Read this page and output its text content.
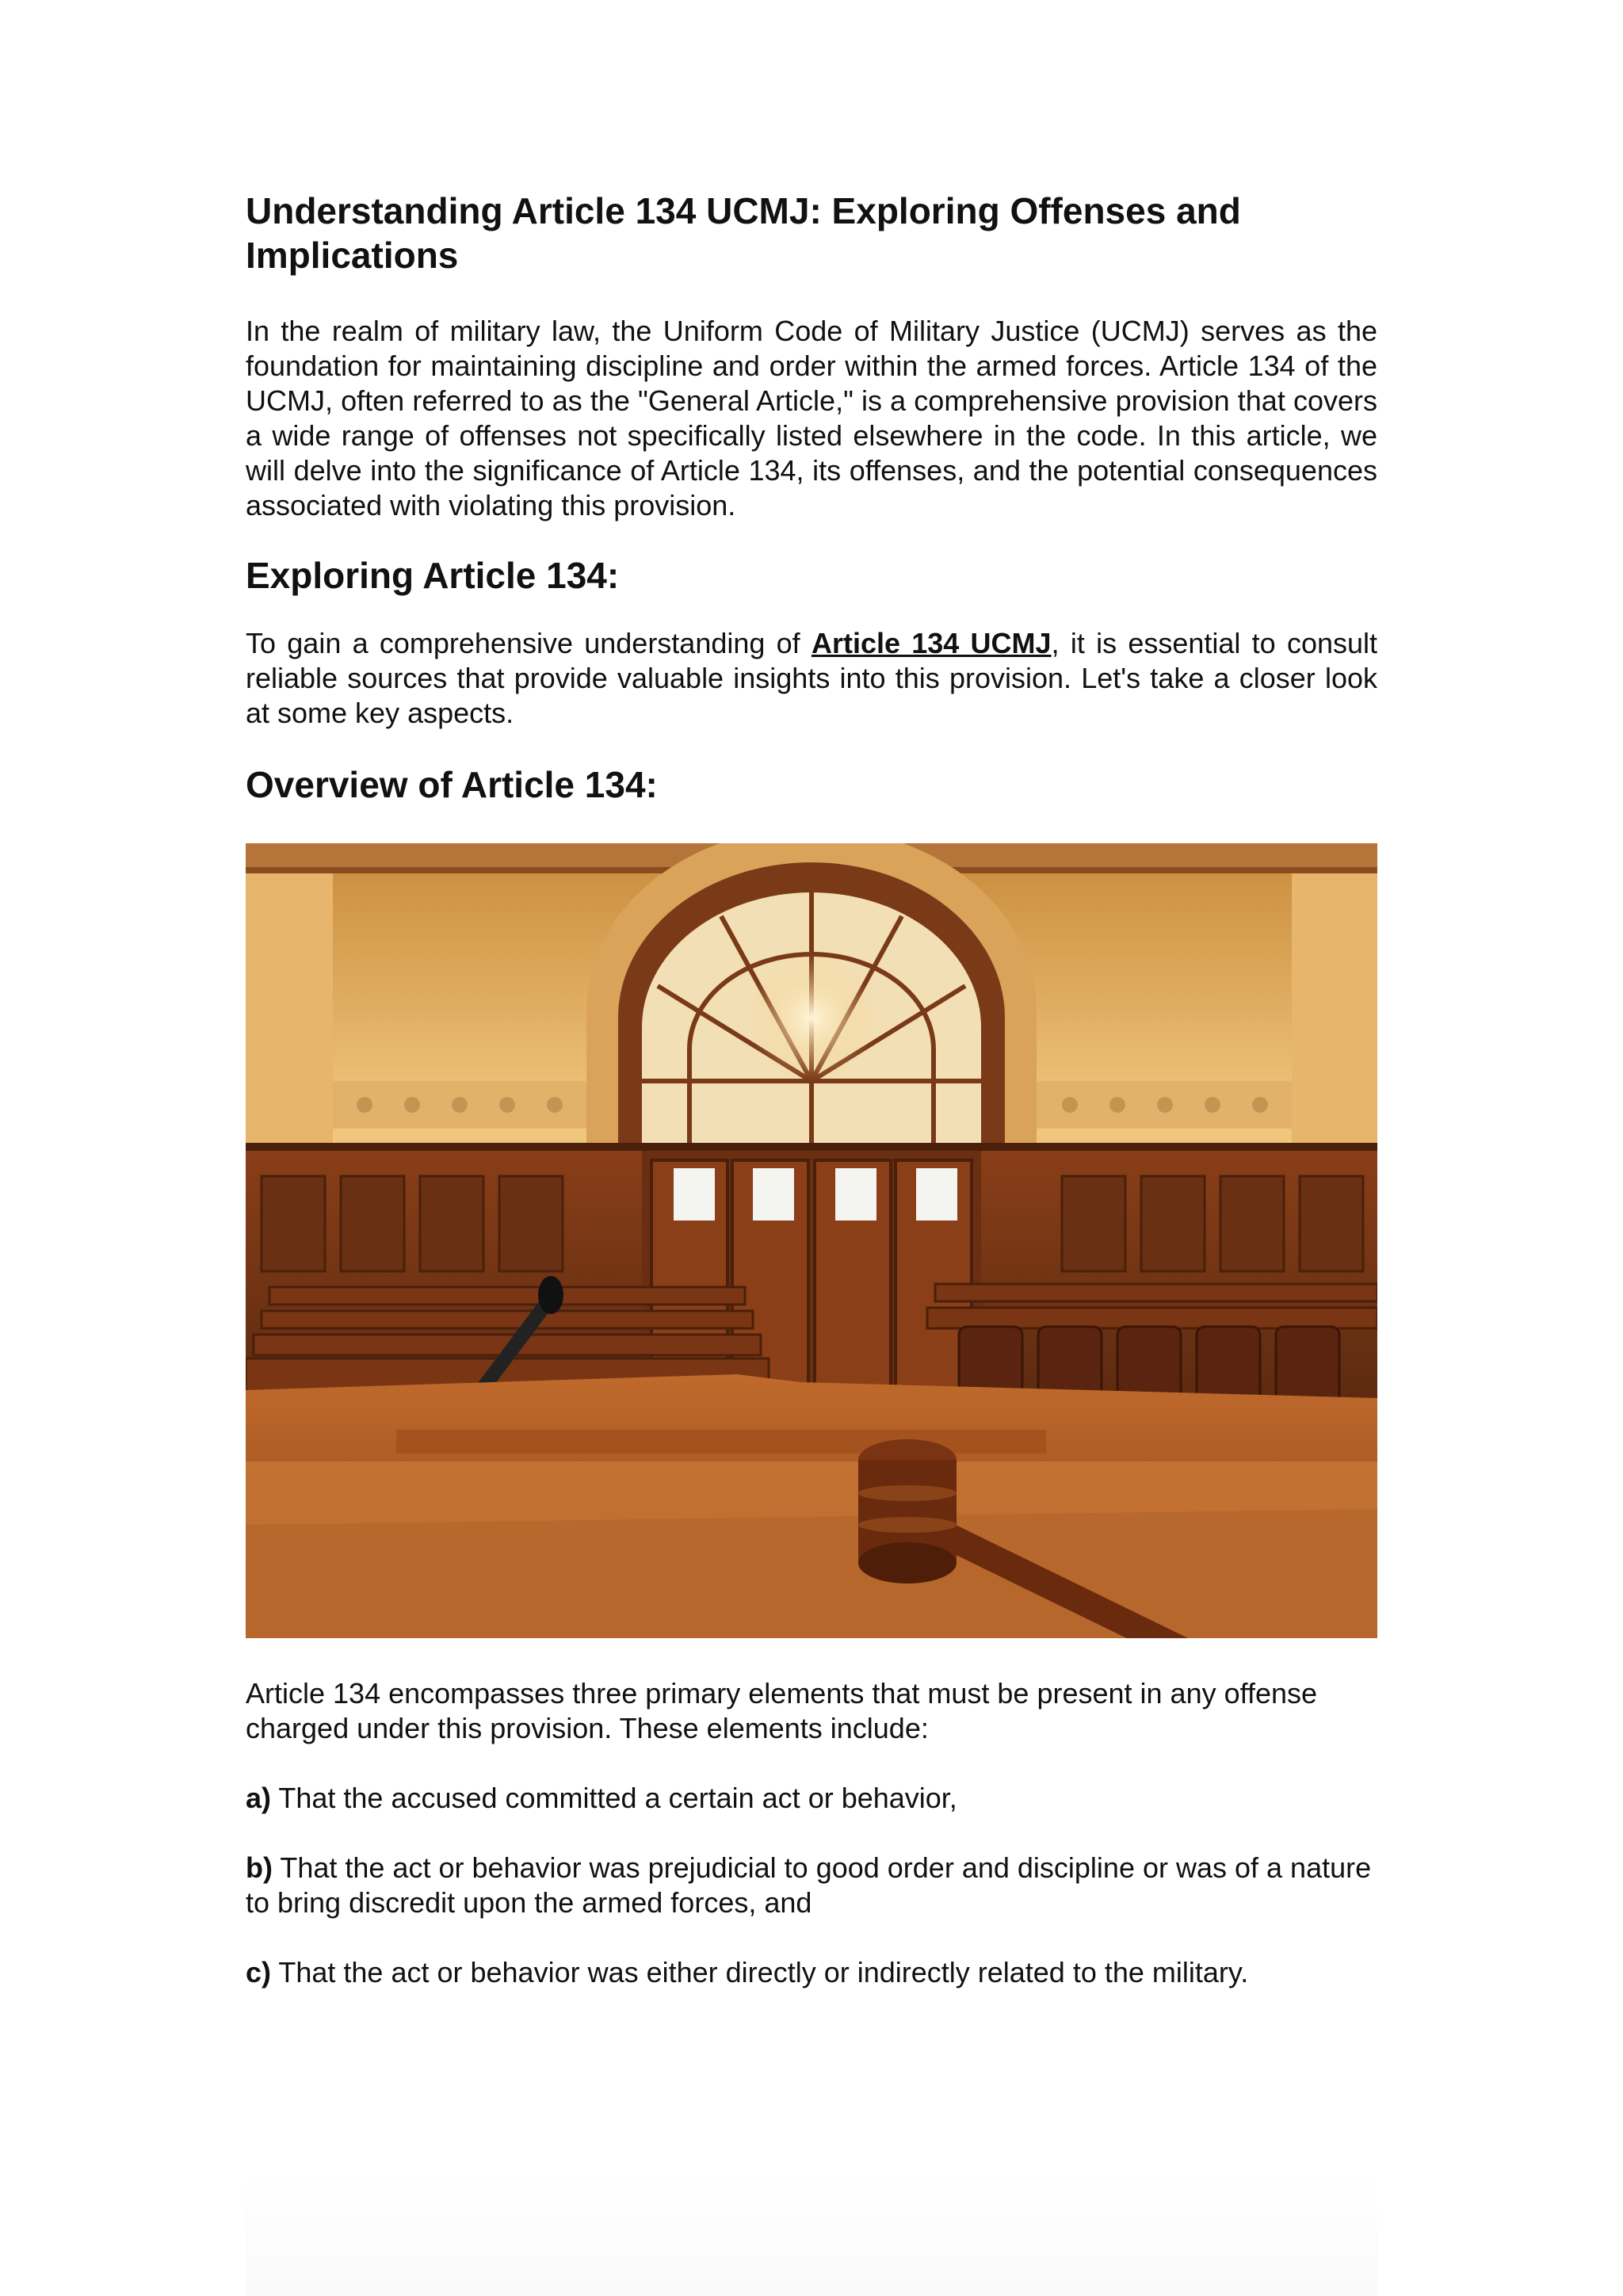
Understanding Article 134 UCMJ: Exploring Offenses and Implications

In the realm of military law, the Uniform Code of Military Justice (UCMJ) serves as the foundation for maintaining discipline and order within the armed forces. Article 134 of the UCMJ, often referred to as the "General Article," is a comprehensive provision that covers a wide range of offenses not specifically listed elsewhere in the code. In this article, we will delve into the significance of Article 134, its offenses, and the potential consequences associated with violating this provision.

Exploring Article 134:

To gain a comprehensive understanding of Article 134 UCMJ, it is essential to consult reliable sources that provide valuable insights into this provision. Let's take a closer look at some key aspects.

Overview of Article 134:

Article 134 encompasses three primary elements that must be present in any offense charged under this provision. These elements include:

a) That the accused committed a certain act or behavior,

b) That the act or behavior was prejudicial to good order and discipline or was of a nature to bring discredit upon the armed forces, and

c) That the act or behavior was either directly or indirectly related to the military.
